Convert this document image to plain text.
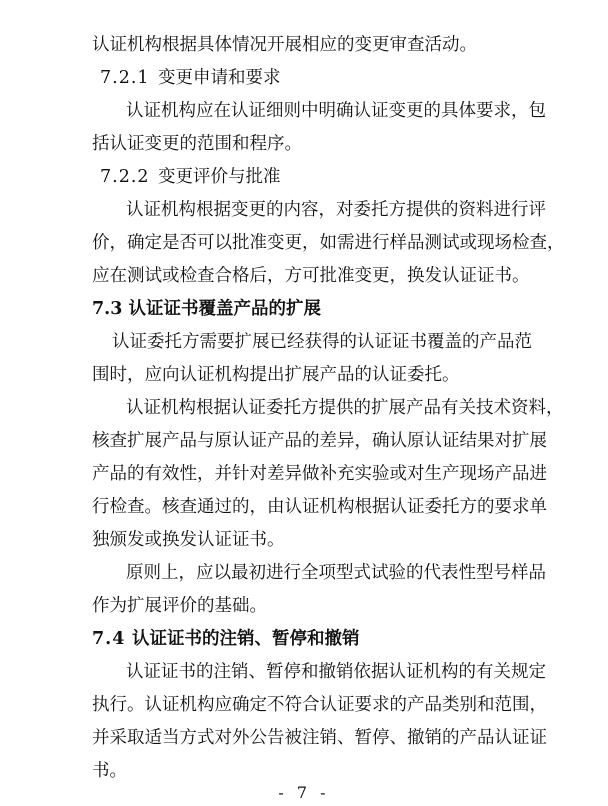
认证机构根据具体情况开展相应的变更审查活动。
7.2.1 变更申请和要求
认证机构应在认证细则中明确认证变更的具体要求，包
括认证变更的范围和程序。
7.2.2 变更评价与批准
认证机构根据变更的内容，对委托方提供的资料进行评
价，确定是否可以批准变更，如需进行样品测试或现场检查，
应在测试或检查合格后，方可批准变更，换发认证证书。
7.3 认证证书覆盖产品的扩展
认证委托方需要扩展已经获得的认证证书覆盖的产品范
围时，应向认证机构提出扩展产品的认证委托。
认证机构根据认证委托方提供的扩展产品有关技术资料，
核查扩展产品与原认证产品的差异，确认原认证结果对扩展
产品的有效性，并针对差异做补充实验或对生产现场产品进
行检查。核查通过的，由认证机构根据认证委托方的要求单
独颁发或换发认证证书。
原则上，应以最初进行全项型式试验的代表性型号样品
作为扩展评价的基础。
7.4 认证证书的注销、暂停和撤销
认证证书的注销、暂停和撤销依据认证机构的有关规定
执行。认证机构应确定不符合认证要求的产品类别和范围，
并采取适当方式对外公告被注销、暂停、撤销的产品认证证
书。
- 7 -
